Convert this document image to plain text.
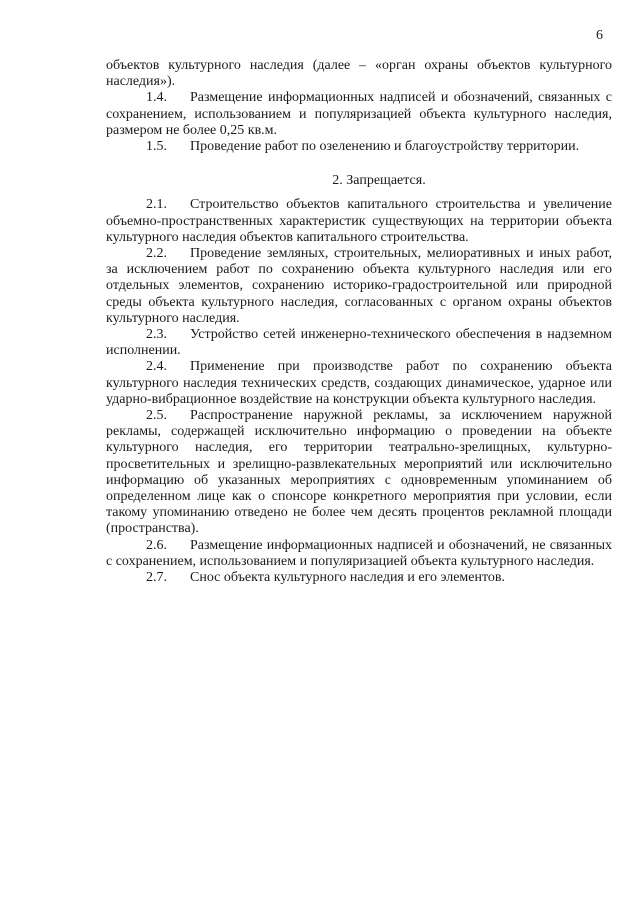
6

объектов культурного наследия (далее – «орган охраны объектов культурного наследия»).

1.4. Размещение информационных надписей и обозначений, связанных с сохранением, использованием и популяризацией объекта культурного наследия, размером не более 0,25 кв.м.

1.5. Проведение работ по озеленению и благоустройству территории.

2. Запрещается.

2.1. Строительство объектов капитального строительства и увеличение объемно-пространственных характеристик существующих на территории объекта культурного наследия объектов капитального строительства.

2.2. Проведение земляных, строительных, мелиоративных и иных работ, за исключением работ по сохранению объекта культурного наследия или его отдельных элементов, сохранению историко-градостроительной или природной среды объекта культурного наследия, согласованных с органом охраны объектов культурного наследия.

2.3. Устройство сетей инженерно-технического обеспечения в надземном исполнении.

2.4. Применение при производстве работ по сохранению объекта культурного наследия технических средств, создающих динамическое, ударное или ударно-вибрационное воздействие на конструкции объекта культурного наследия.

2.5. Распространение наружной рекламы, за исключением наружной рекламы, содержащей исключительно информацию о проведении на объекте культурного наследия, его территории театрально-зрелищных, культурно-просветительных и зрелищно-развлекательных мероприятий или исключительно информацию об указанных мероприятиях с одновременным упоминанием об определенном лице как о спонсоре конкретного мероприятия при условии, если такому упоминанию отведено не более чем десять процентов рекламной площади (пространства).

2.6. Размещение информационных надписей и обозначений, не связанных с сохранением, использованием и популяризацией объекта культурного наследия.

2.7. Снос объекта культурного наследия и его элементов.
